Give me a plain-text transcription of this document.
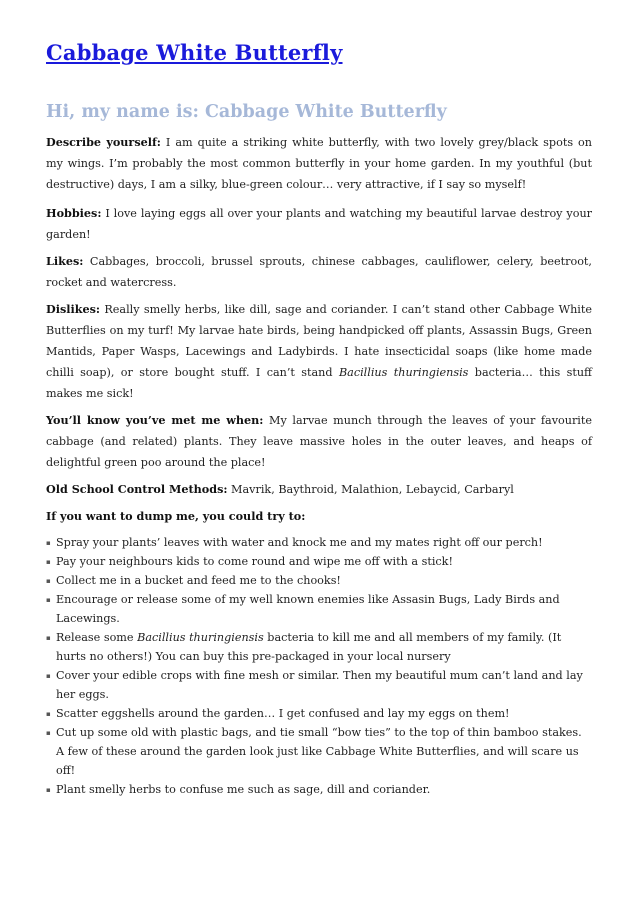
Cabbage White Butterfly
Hi, my name is: Cabbage White Butterfly

Describe yourself: I am quite a striking white butterfly, with two lovely grey/black spots on my wings. I’m probably the most common butterfly in your home garden. In my youthful (but destructive) days, I am a silky, blue-green colour… very attractive, if I say so myself!

Hobbies: I love laying eggs all over your plants and watching my beautiful larvae destroy your garden!

Likes: Cabbages, broccoli, brussel sprouts, chinese cabbages, cauliflower, celery, beetroot, rocket and watercress.

Dislikes: Really smelly herbs, like dill, sage and coriander. I can’t stand other Cabbage White Butterflies on my turf! My larvae hate birds, being handpicked off plants, Assassin Bugs, Green Mantids, Paper Wasps, Lacewings and Ladybirds. I hate insecticidal soaps (like home made chilli soap), or store bought stuff. I can’t stand Bacillius thuringiensis bacteria… this stuff makes me sick!

You’ll know you’ve met me when: My larvae munch through the leaves of your favourite cabbage (and related) plants. They leave massive holes in the outer leaves, and heaps of delightful green poo around the place!

Old School Control Methods: Mavrik, Baythroid, Malathion, Lebaycid, Carbaryl

If you want to dump me, you could try to:

▪ Spray your plants’ leaves with water and knock me and my mates right off our perch!
▪ Pay your neighbours kids to come round and wipe me off with a stick!
▪ Collect me in a bucket and feed me to the chooks!
▪ Encourage or release some of my well known enemies like Assasin Bugs, Lady Birds and Lacewings.
▪ Release some Bacillius thuringiensis bacteria to kill me and all members of my family. (It hurts no others!) You can buy this pre-packaged in your local nursery
▪ Cover your edible crops with fine mesh or similar. Then my beautiful mum can’t land and lay her eggs.
▪ Scatter eggshells around the garden… I get confused and lay my eggs on them!
▪ Cut up some old with plastic bags, and tie small “bow ties” to the top of thin bamboo stakes. A few of these around the garden look just like Cabbage White Butterflies, and will scare us off!
▪ Plant smelly herbs to confuse me such as sage, dill and coriander.
